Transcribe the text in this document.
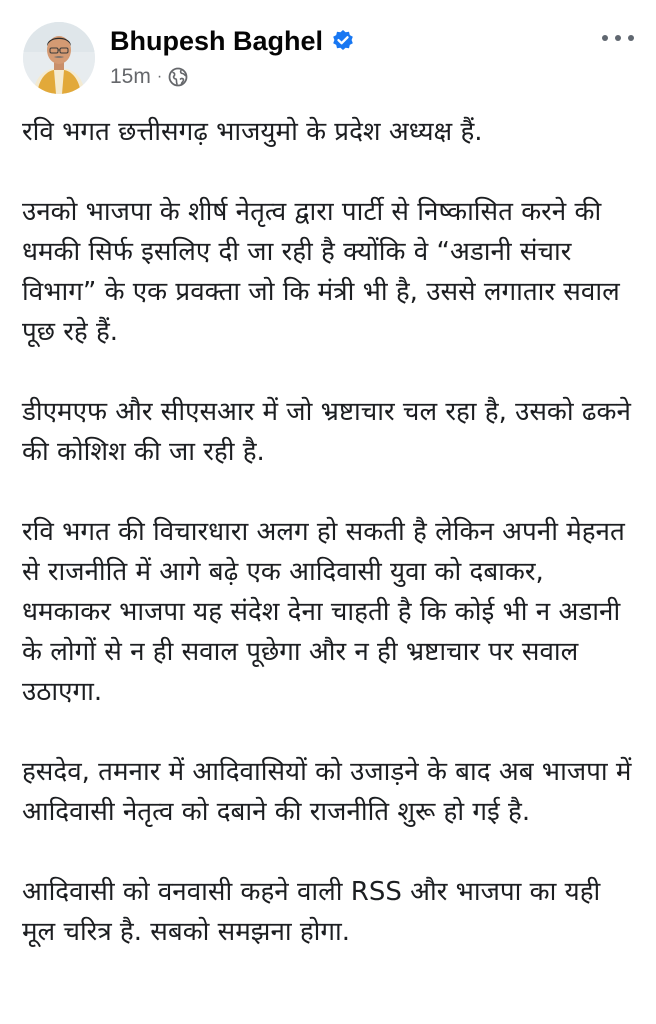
Bhupesh Baghel
15m ·

रवि भगत छत्तीसगढ़ भाजयुमो के प्रदेश अध्यक्ष हैं.

उनको भाजपा के शीर्ष नेतृत्व द्वारा पार्टी से निष्कासित करने की धमकी सिर्फ इसलिए दी जा रही है क्योंकि वे “अडानी संचार विभाग” के एक प्रवक्ता जो कि मंत्री भी है, उससे लगातार सवाल पूछ रहे हैं.

डीएमएफ और सीएसआर में जो भ्रष्टाचार चल रहा है, उसको ढकने की कोशिश की जा रही है.

रवि भगत की विचारधारा अलग हो सकती है लेकिन अपनी मेहनत से राजनीति में आगे बढ़े एक आदिवासी युवा को दबाकर, धमकाकर भाजपा यह संदेश देना चाहती है कि कोई भी न अडानी के लोगों से न ही सवाल पूछेगा और न ही भ्रष्टाचार पर सवाल उठाएगा.

हसदेव, तमनार में आदिवासियों को उजाड़ने के बाद अब भाजपा में आदिवासी नेतृत्व को दबाने की राजनीति शुरू हो गई है.

आदिवासी को वनवासी कहने वाली RSS और भाजपा का यही मूल चरित्र है. सबको समझना होगा.
